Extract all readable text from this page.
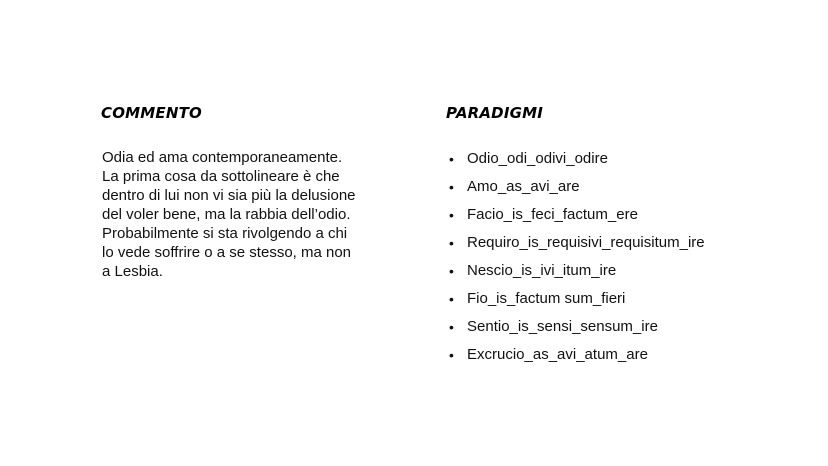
COMMENTO
Odia ed ama contemporaneamente.
La prima cosa da sottolineare è che
dentro di lui non vi sia più la delusione
del voler bene, ma la rabbia dell’odio.
Probabilmente si sta rivolgendo a chi
lo vede soffrire o a se stesso, ma non
a Lesbia.
PARADIGMI
• Odio_odi_odivi_odire
• Amo_as_avi_are
• Facio_is_feci_factum_ere
• Requiro_is_requisivi_requisitum_ire
• Nescio_is_ivi_itum_ire
• Fio_is_factum sum_fieri
• Sentio_is_sensi_sensum_ire
• Excrucio_as_avi_atum_are
